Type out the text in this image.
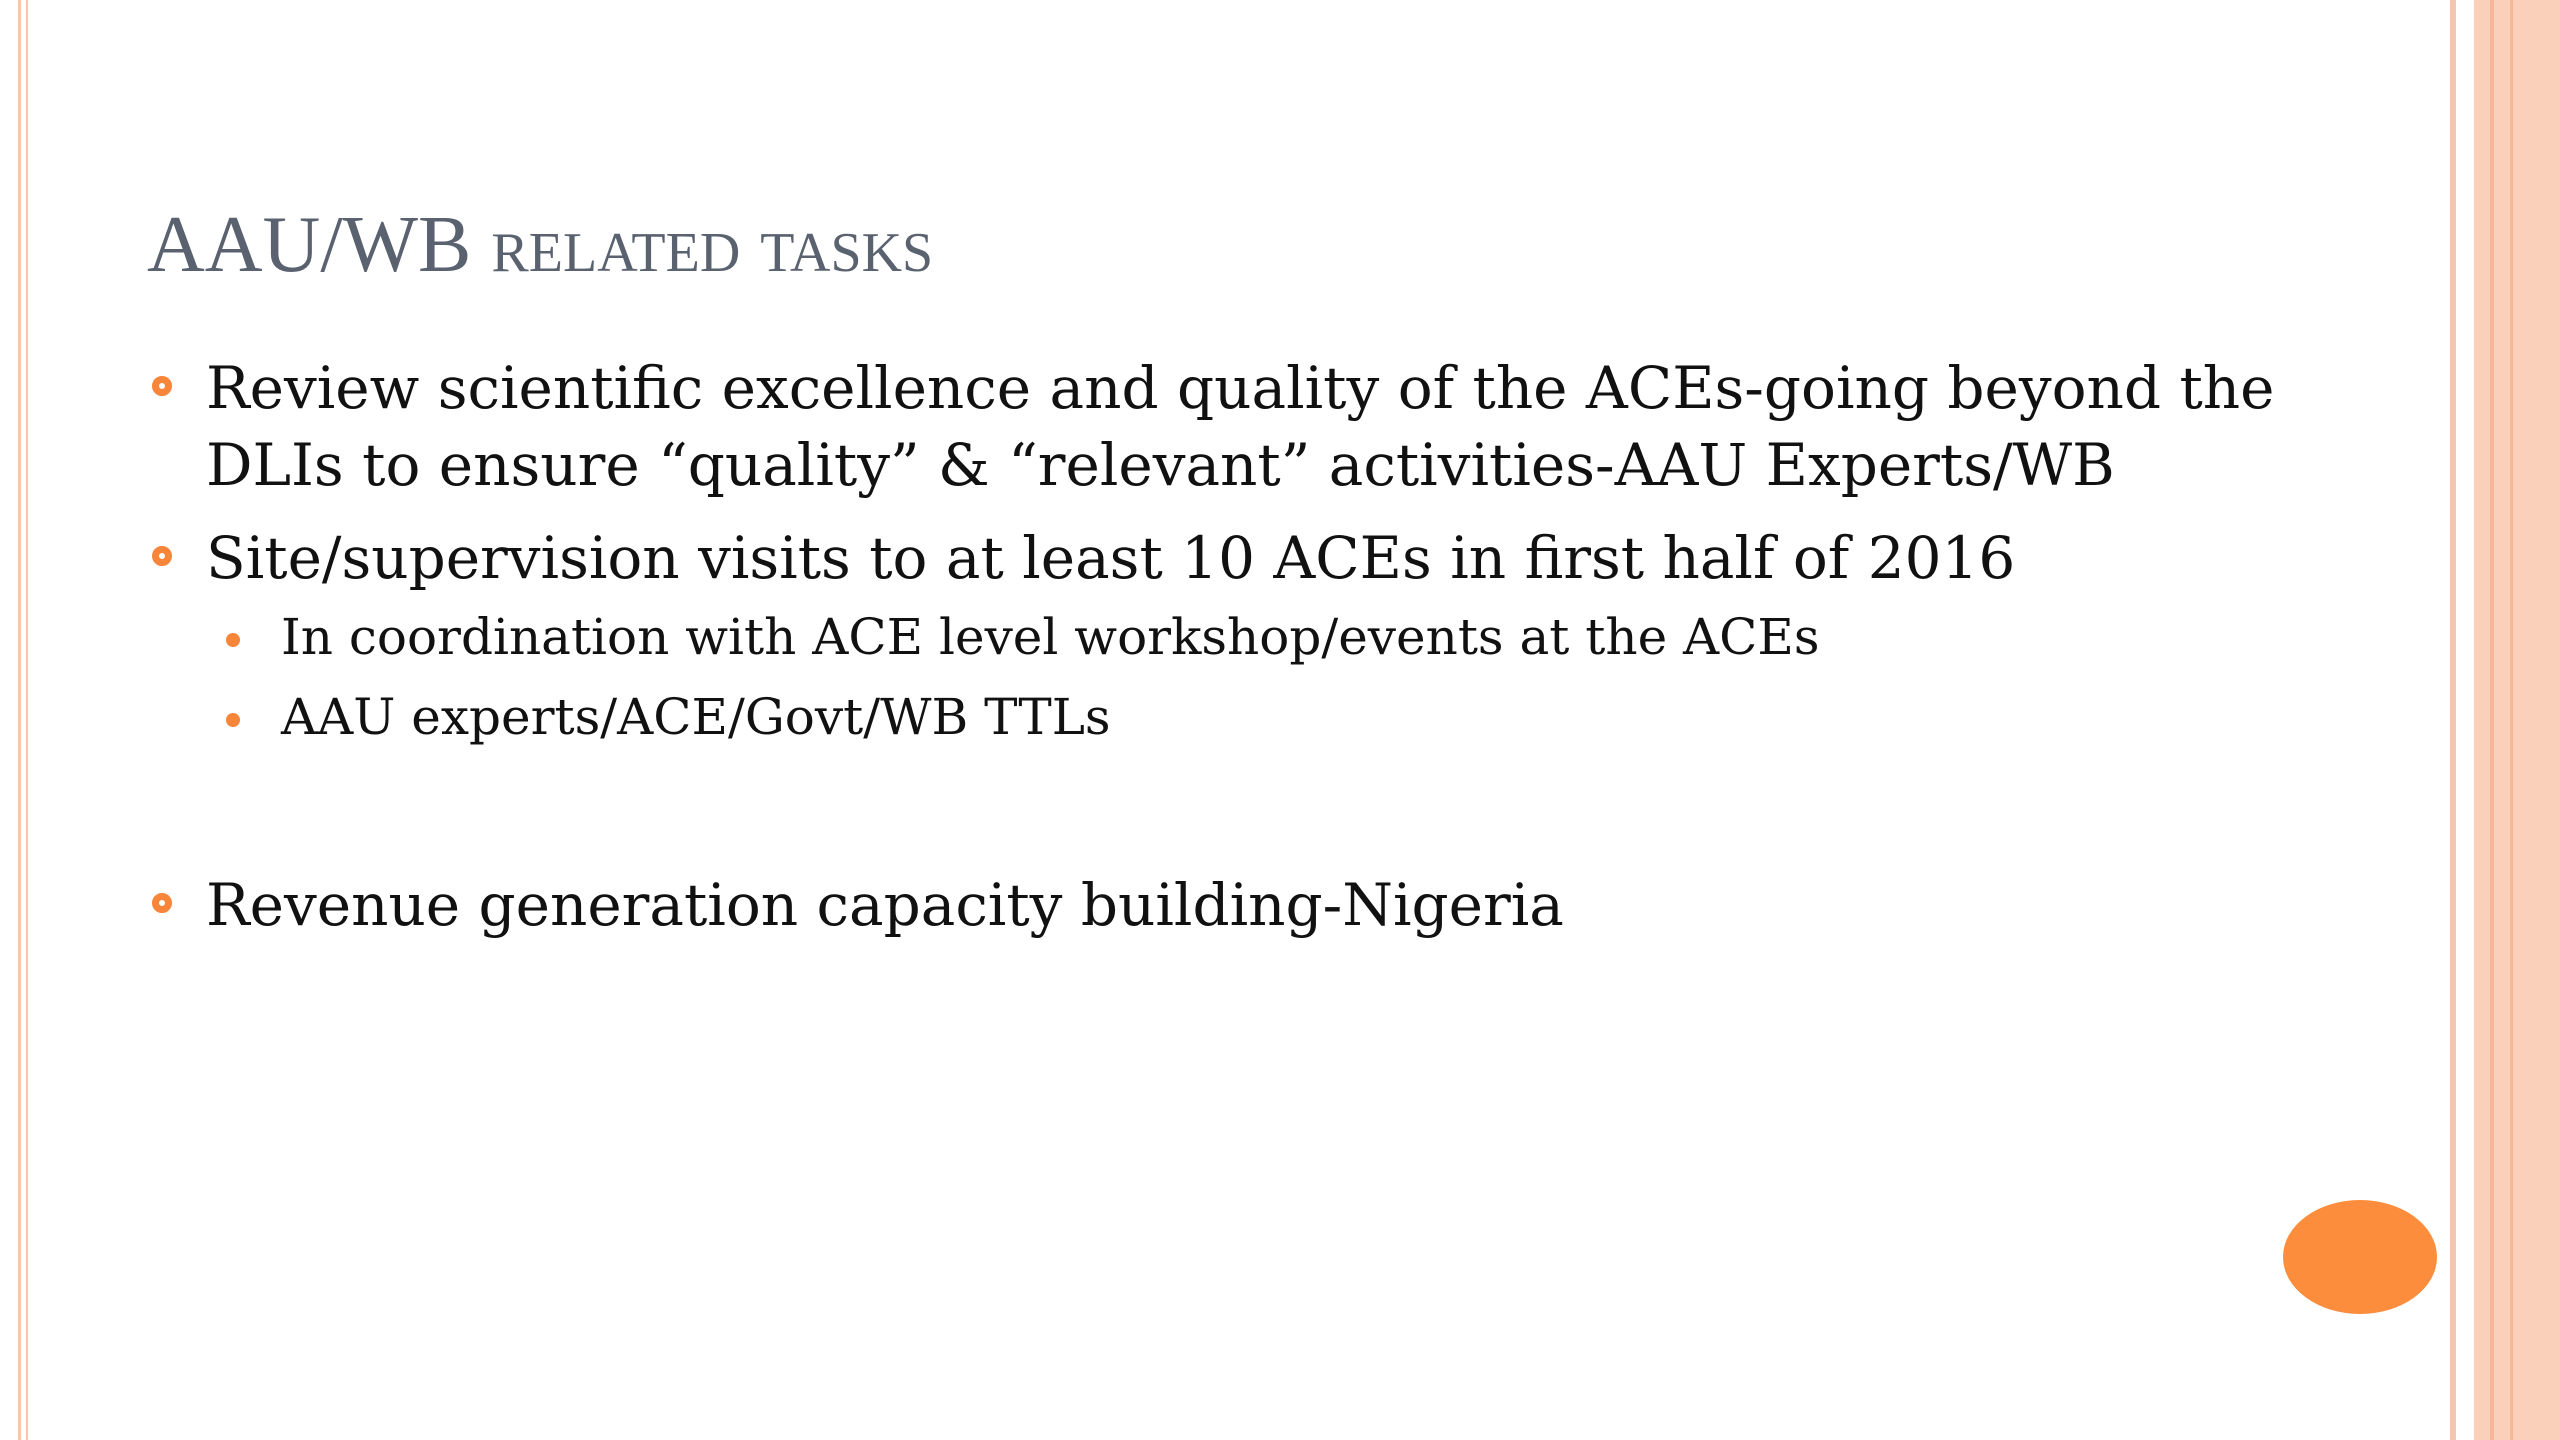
AAU/WB related tasks
Review scientific excellence and quality of the ACEs-going beyond the DLIs to ensure “quality” & “relevant” activities-AAU Experts/WB
Site/supervision visits to at least 10 ACEs in first half of 2016
In coordination with ACE level workshop/events at the ACEs
AAU experts/ACE/Govt/WB TTLs
Revenue generation capacity building-Nigeria
